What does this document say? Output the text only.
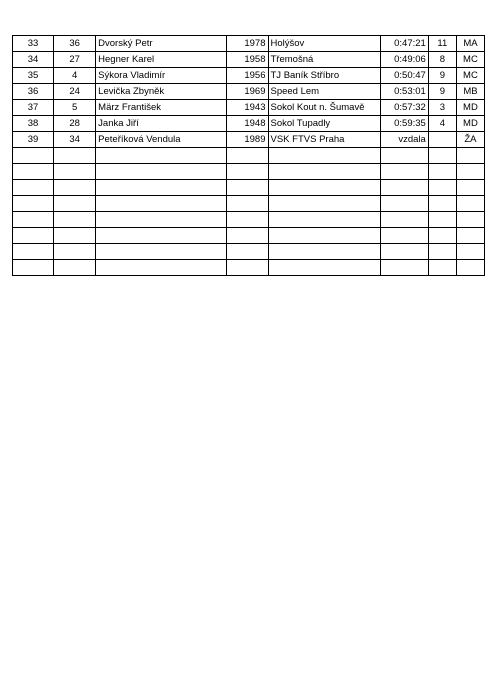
33	36	Dvorský Petr	1978	Holýšov	0:47:21	11	MA
34	27	Hegner Karel	1958	Třemošná	0:49:06	8	MC
35	4	Sýkora Vladimír	1956	TJ Baník Stříbro	0:50:47	9	MC
36	24	Levička Zbyněk	1969	Speed Lem	0:53:01	9	MB
37	5	März František	1943	Sokol Kout n. Šumavě	0:57:32	3	MD
38	28	Janka Jiří	1948	Sokol Tupadly	0:59:35	4	MD
39	34	Peteříková Vendula	1989	VSK FTVS Praha	vzdala		ŽA
